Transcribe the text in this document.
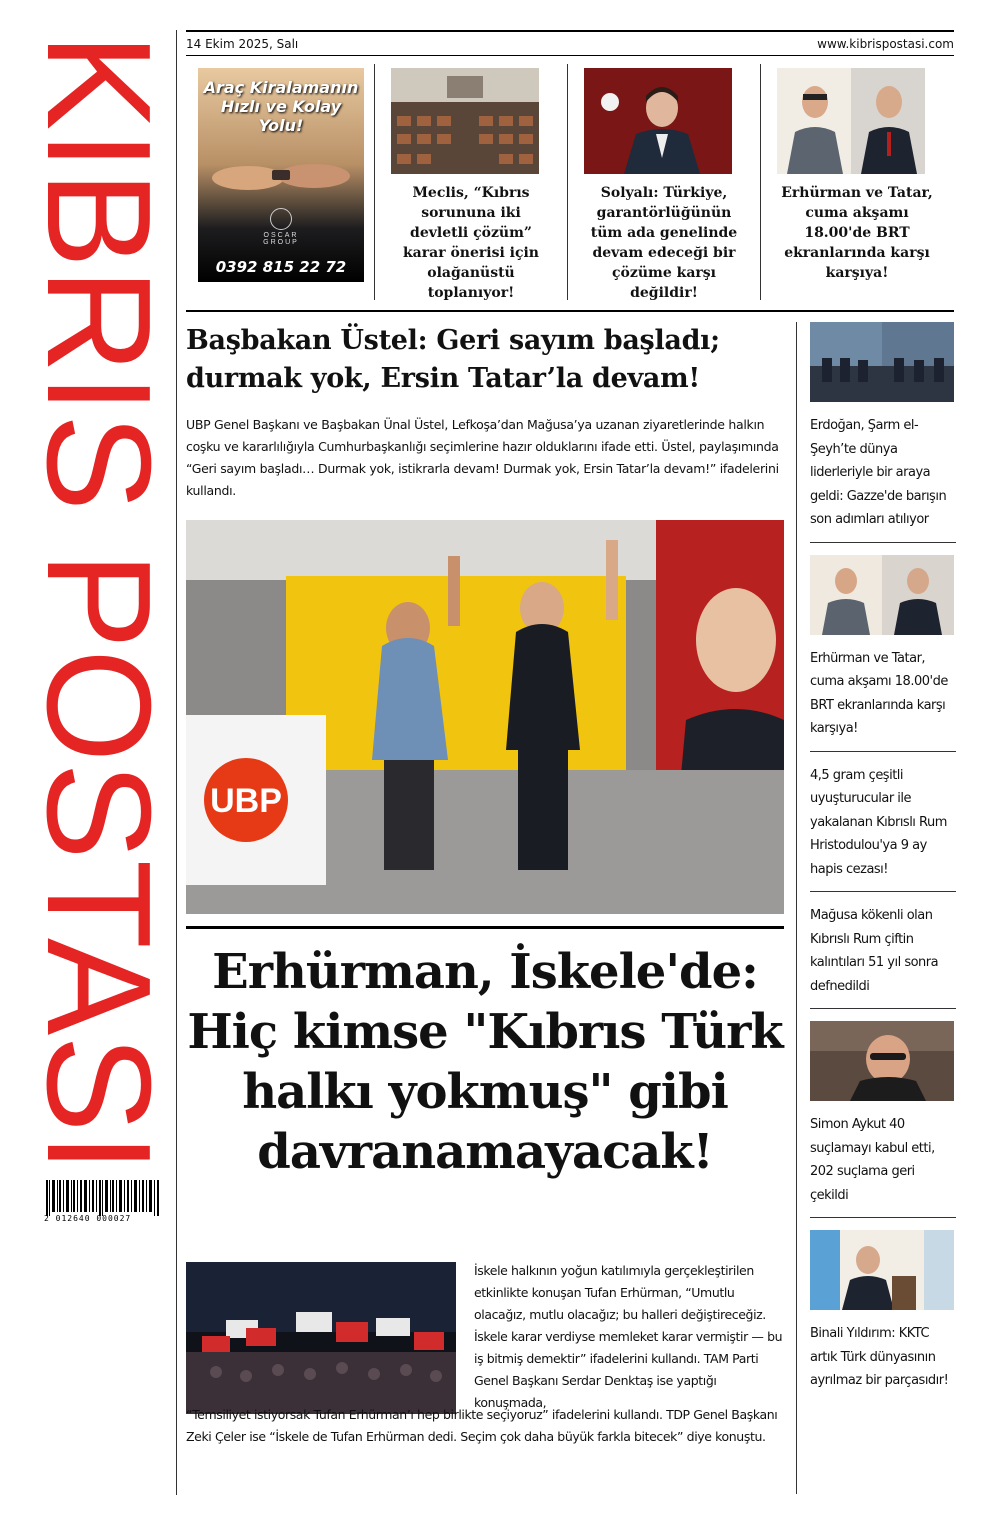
KIBRIS POSTASI
2 012640 000027
14 Ekim 2025, Salı	www.kibrispostasi.com
Araç Kiralamanın
Hızlı ve Kolay
Yolu!
OSCAR
GROUP
0392 815 22 72
Meclis, “Kıbrıs sorununa iki devletli çözüm” karar önerisi için olağanüstü toplanıyor!
Solyalı: Türkiye, garantörlüğünün tüm ada genelinde devam edeceği bir çözüme karşı değildir!
Erhürman ve Tatar, cuma akşamı 18.00'de BRT ekranlarında karşı karşıya!
Başbakan Üstel: Geri sayım başladı; durmak yok, Ersin Tatar’la devam!

UBP Genel Başkanı ve Başbakan Ünal Üstel, Lefkoşa’dan Mağusa’ya uzanan ziyaretlerinde halkın coşku ve kararlılığıyla Cumhurbaşkanlığı seçimlerine hazır olduklarını ifade etti. Üstel, paylaşımında “Geri sayım başladı… Durmak yok, istikrarla devam! Durmak yok, Ersin Tatar’la devam!” ifadelerini kullandı.

UBP
Erhürman, İskele'de: Hiç kimse "Kıbrıs Türk halkı yokmuş" gibi davranamayacak!

İskele halkının yoğun katılımıyla gerçekleştirilen etkinlikte konuşan Tufan Erhürman, “Umutlu olacağız, mutlu olacağız; bu halleri değiştireceğiz. İskele karar verdiyse memleket karar vermiştir — bu iş bitmiş demektir” ifadelerini kullandı. TAM Parti Genel Başkanı Serdar Denktaş ise yaptığı konuşmada,

“Temsiliyet istiyorsak Tufan Erhürman’ı hep birlikte seçiyoruz” ifadelerini kullandı. TDP Genel Başkanı Zeki Çeler ise “İskele de Tufan Erhürman dedi. Seçim çok daha büyük farkla bitecek” diye konuştu.

Erdoğan, Şarm el-Şeyh’te dünya liderleriyle bir araya geldi: Gazze'de barışın son adımları atılıyor
Erhürman ve Tatar, cuma akşamı 18.00'de BRT ekranlarında karşı karşıya!
4,5 gram çeşitli uyuşturucular ile yakalanan Kıbrıslı Rum Hristodulou'ya 9 ay hapis cezası!
Mağusa kökenli olan Kıbrıslı Rum çiftin kalıntıları 51 yıl sonra defnedildi
Simon Aykut 40 suçlamayı kabul etti, 202 suçlama geri çekildi
Binali Yıldırım: KKTC artık Türk dünyasının ayrılmaz bir parçasıdır!
